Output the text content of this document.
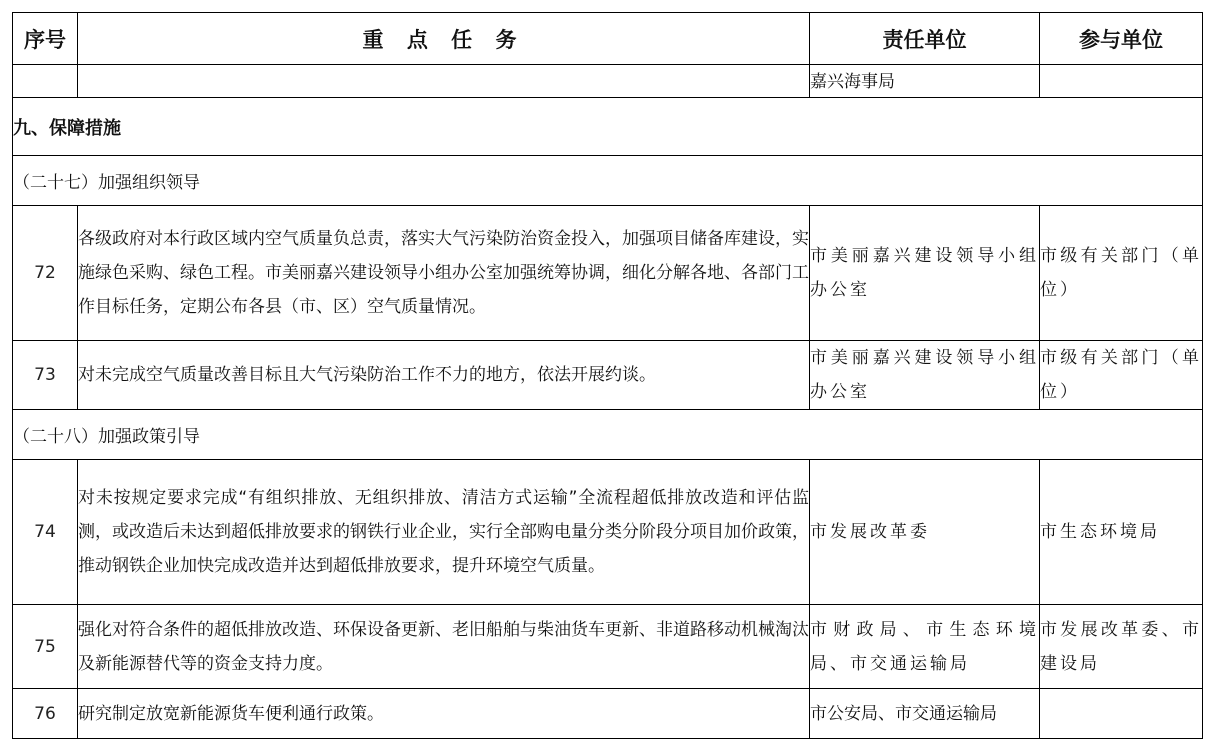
序号	重 点 任 务	责任单位	参与单位
		嘉兴海事局	
九、保障措施			
（二十七）加强组织领导			
72	各级政府对本行政区域内空气质量负总责，落实大气污染防治资金投入，加强项目储备库建设，实施绿色采购、绿色工程。市美丽嘉兴建设领导小组办公室加强统筹协调，细化分解各地、各部门工作目标任务，定期公布各县（市、区）空气质量情况。	市美丽嘉兴建设领导小组办公室	市级有关部门（单位）
73	对未完成空气质量改善目标且大气污染防治工作不力的地方，依法开展约谈。	市美丽嘉兴建设领导小组办公室	市级有关部门（单位）
（二十八）加强政策引导			
74	对未按规定要求完成“有组织排放、无组织排放、清洁方式运输”全流程超低排放改造和评估监测，或改造后未达到超低排放要求的钢铁行业企业，实行全部购电量分类分阶段分项目加价政策，推动钢铁企业加快完成改造并达到超低排放要求，提升环境空气质量。	市发展改革委	市生态环境局
75	强化对符合条件的超低排放改造、环保设备更新、老旧船舶与柴油货车更新、非道路移动机械淘汰及新能源替代等的资金支持力度。	市财政局、市生态环境局、市交通运输局	市发展改革委、市建设局
76	研究制定放宽新能源货车便利通行政策。	市公安局、市交通运输局	
